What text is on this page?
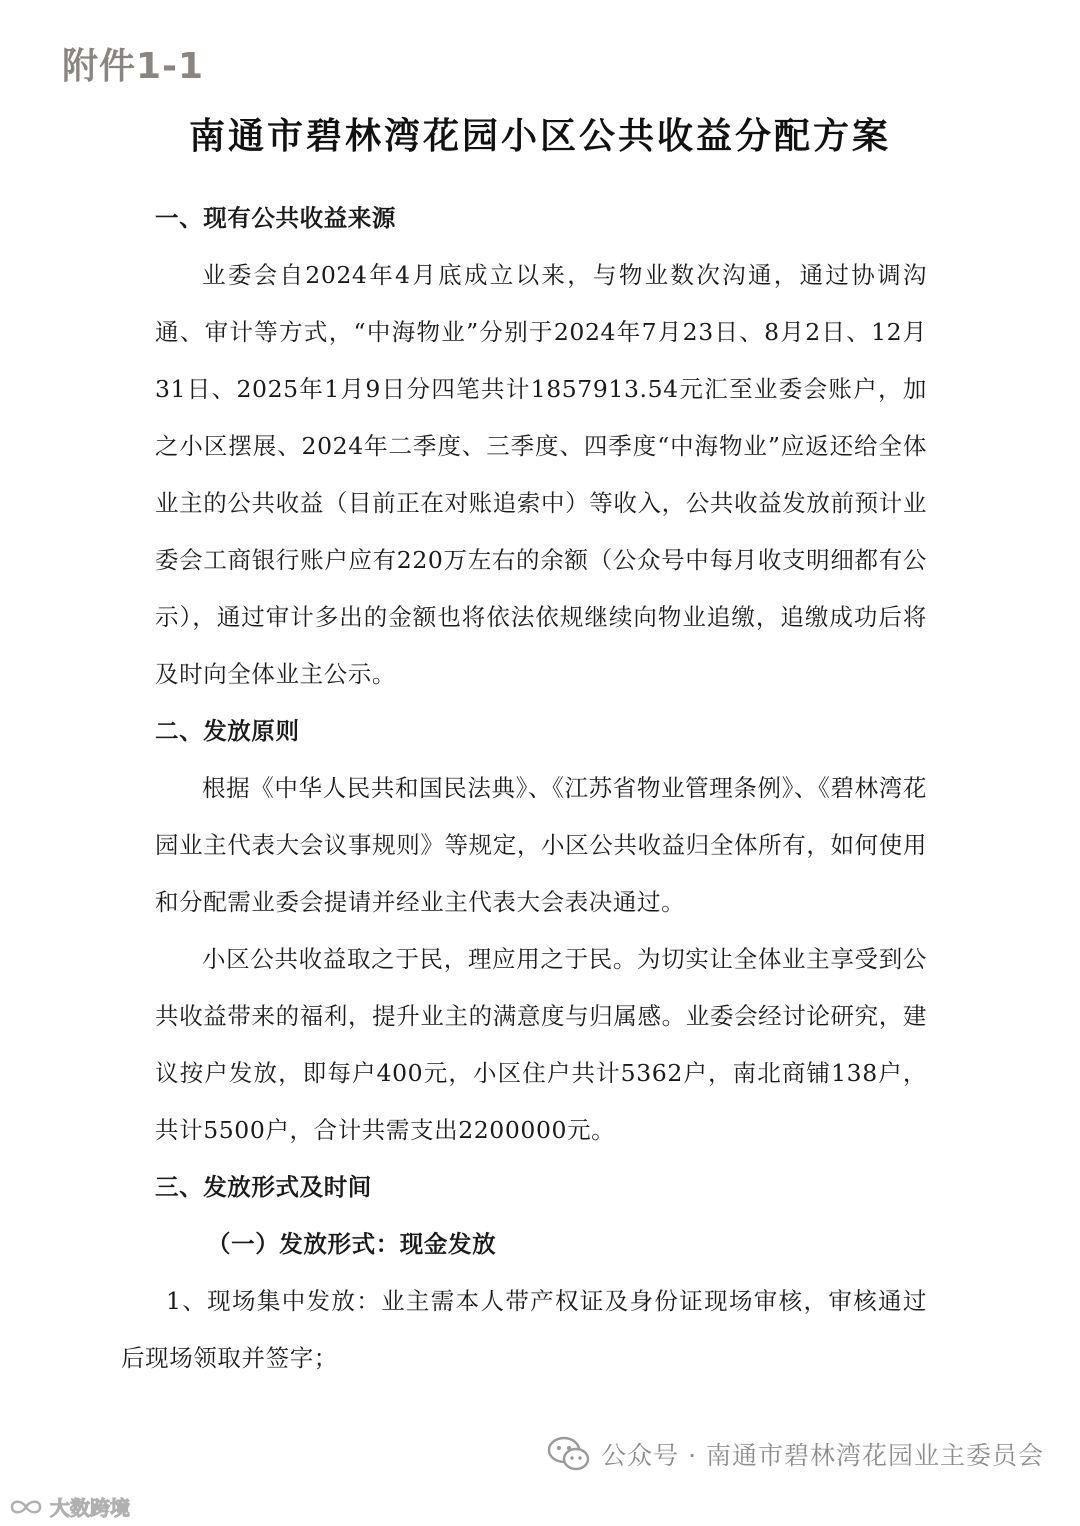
附件1-1
南通市碧林湾花园小区公共收益分配方案

一、现有公共收益来源

业委会自2024年4月底成立以来，与物业数次沟通，通过协调沟通、审计等方式，“中海物业”分别于2024年7月23日、8月2日、12月31日、2025年1月9日分四笔共计1857913.54元汇至业委会账户，加之小区摆展、2024年二季度、三季度、四季度“中海物业”应返还给全体业主的公共收益（目前正在对账追索中）等收入，公共收益发放前预计业委会工商银行账户应有220万左右的余额（公众号中每月收支明细都有公示），通过审计多出的金额也将依法依规继续向物业追缴，追缴成功后将及时向全体业主公示。

二、发放原则

根据《中华人民共和国民法典》、《江苏省物业管理条例》、《碧林湾花园业主代表大会议事规则》等规定，小区公共收益归全体所有，如何使用和分配需业委会提请并经业主代表大会表决通过。

小区公共收益取之于民，理应用之于民。为切实让全体业主享受到公共收益带来的福利，提升业主的满意度与归属感。业委会经讨论研究，建议按户发放，即每户400元，小区住户共计5362户，南北商铺138户，共计5500户，合计共需支出2200000元。

三、发放形式及时间

（一）发放形式：现金发放

1、现场集中发放：业主需本人带产权证及身份证现场审核，审核通过后现场领取并签字；

公众号 · 南通市碧林湾花园业主委员会
大数跨境
